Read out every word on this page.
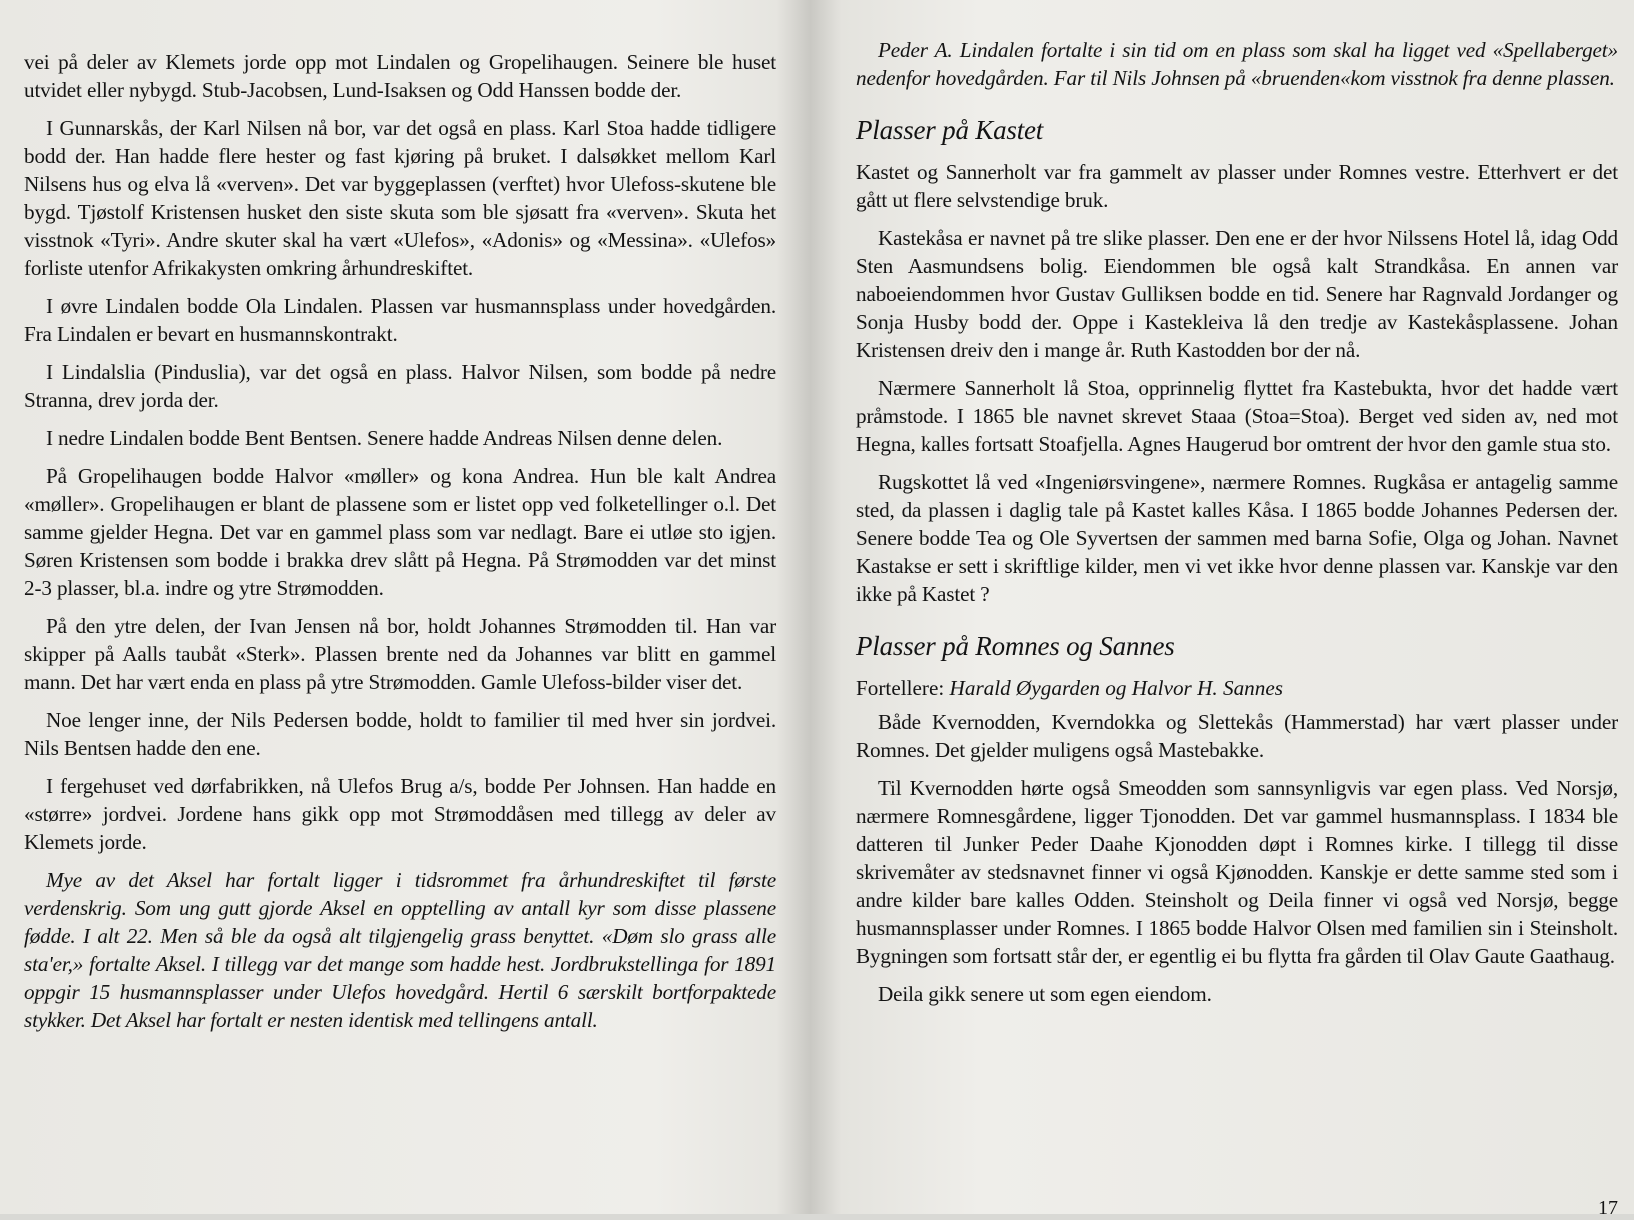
vei på deler av Klemets jorde opp mot Lindalen og Gropelihaugen. Seinere ble huset utvidet eller nybygd. Stub-Jacobsen, Lund-Isaksen og Odd Hanssen bodde der.

I Gunnarskås, der Karl Nilsen nå bor, var det også en plass. Karl Stoa hadde tidligere bodd der. Han hadde flere hester og fast kjøring på bruket. I dalsøkket mellom Karl Nilsens hus og elva lå «verven». Det var byggeplassen (verftet) hvor Ulefoss-skutene ble bygd. Tjøstolf Kristensen husket den siste skuta som ble sjøsatt fra «verven». Skuta het visstnok «Tyri». Andre skuter skal ha vært «Ulefos», «Adonis» og «Messina». «Ulefos» forliste utenfor Afrikakysten omkring århundreskiftet.

I øvre Lindalen bodde Ola Lindalen. Plassen var husmannsplass under hovedgården. Fra Lindalen er bevart en husmannskontrakt.

I Lindalslia (Pinduslia), var det også en plass. Halvor Nilsen, som bodde på nedre Stranna, drev jorda der.

I nedre Lindalen bodde Bent Bentsen. Senere hadde Andreas Nilsen denne delen.

På Gropelihaugen bodde Halvor «møller» og kona Andrea. Hun ble kalt Andrea «møller». Gropelihaugen er blant de plassene som er listet opp ved folketellinger o.l. Det samme gjelder Hegna. Det var en gammel plass som var nedlagt. Bare ei utløe sto igjen. Søren Kristensen som bodde i brakka drev slått på Hegna. På Strømodden var det minst 2-3 plasser, bl.a. indre og ytre Strømodden.

På den ytre delen, der Ivan Jensen nå bor, holdt Johannes Strømodden til. Han var skipper på Aalls taubåt «Sterk». Plassen brente ned da Johannes var blitt en gammel mann. Det har vært enda en plass på ytre Strømodden. Gamle Ulefoss-bilder viser det.

Noe lenger inne, der Nils Pedersen bodde, holdt to familier til med hver sin jordvei. Nils Bentsen hadde den ene.

I fergehuset ved dørfabrikken, nå Ulefos Brug a/s, bodde Per Johnsen. Han hadde en «større» jordvei. Jordene hans gikk opp mot Strømoddåsen med tillegg av deler av Klemets jorde.

Mye av det Aksel har fortalt ligger i tidsrommet fra århundreskiftet til første verdenskrig. Som ung gutt gjorde Aksel en opptelling av antall kyr som disse plassene fødde. I alt 22. Men så ble da også alt tilgjengelig grass benyttet. «Døm slo grass alle sta'er,» fortalte Aksel. I tillegg var det mange som hadde hest. Jordbrukstellinga for 1891 oppgir 15 husmannsplasser under Ulefos hovedgård. Hertil 6 særskilt bortforpaktede stykker. Det Aksel har fortalt er nesten identisk med tellingens antall.

Peder A. Lindalen fortalte i sin tid om en plass som skal ha ligget ved «Spellaberget» nedenfor hovedgården. Far til Nils Johnsen på «bruenden«kom visstnok fra denne plassen.

Plasser på Kastet

Kastet og Sannerholt var fra gammelt av plasser under Romnes vestre. Etterhvert er det gått ut flere selvstendige bruk.

Kastekåsa er navnet på tre slike plasser. Den ene er der hvor Nilssens Hotel lå, idag Odd Sten Aasmundsens bolig. Eiendommen ble også kalt Strandkåsa. En annen var naboeiendommen hvor Gustav Gulliksen bodde en tid. Senere har Ragnvald Jordanger og Sonja Husby bodd der. Oppe i Kastekleiva lå den tredje av Kastekåsplassene. Johan Kristensen dreiv den i mange år. Ruth Kastodden bor der nå.

Nærmere Sannerholt lå Stoa, opprinnelig flyttet fra Kastebukta, hvor det hadde vært pråmstode. I 1865 ble navnet skrevet Staaa (Stoa=Stoa). Berget ved siden av, ned mot Hegna, kalles fortsatt Stoafjella. Agnes Haugerud bor omtrent der hvor den gamle stua sto.

Rugskottet lå ved «Ingeniørsvingene», nærmere Romnes. Rugkåsa er antagelig samme sted, da plassen i daglig tale på Kastet kalles Kåsa. I 1865 bodde Johannes Pedersen der. Senere bodde Tea og Ole Syvertsen der sammen med barna Sofie, Olga og Johan. Navnet Kastakse er sett i skriftlige kilder, men vi vet ikke hvor denne plassen var. Kanskje var den ikke på Kastet ?

Plasser på Romnes og Sannes
Fortellere: Harald Øygarden og Halvor H. Sannes

Både Kvernodden, Kverndokka og Slettekås (Hammerstad) har vært plasser under Romnes. Det gjelder muligens også Mastebakke.

Til Kvernodden hørte også Smeodden som sannsynligvis var egen plass. Ved Norsjø, nærmere Romnesgårdene, ligger Tjonodden. Det var gammel husmannsplass. I 1834 ble datteren til Junker Peder Daahe Kjonodden døpt i Romnes kirke. I tillegg til disse skrivemåter av stedsnavnet finner vi også Kjønodden. Kanskje er dette samme sted som i andre kilder bare kalles Odden. Steinsholt og Deila finner vi også ved Norsjø, begge husmannsplasser under Romnes. I 1865 bodde Halvor Olsen med familien sin i Steinsholt. Bygningen som fortsatt står der, er egentlig ei bu flytta fra gården til Olav Gaute Gaathaug.

Deila gikk senere ut som egen eiendom.

17
